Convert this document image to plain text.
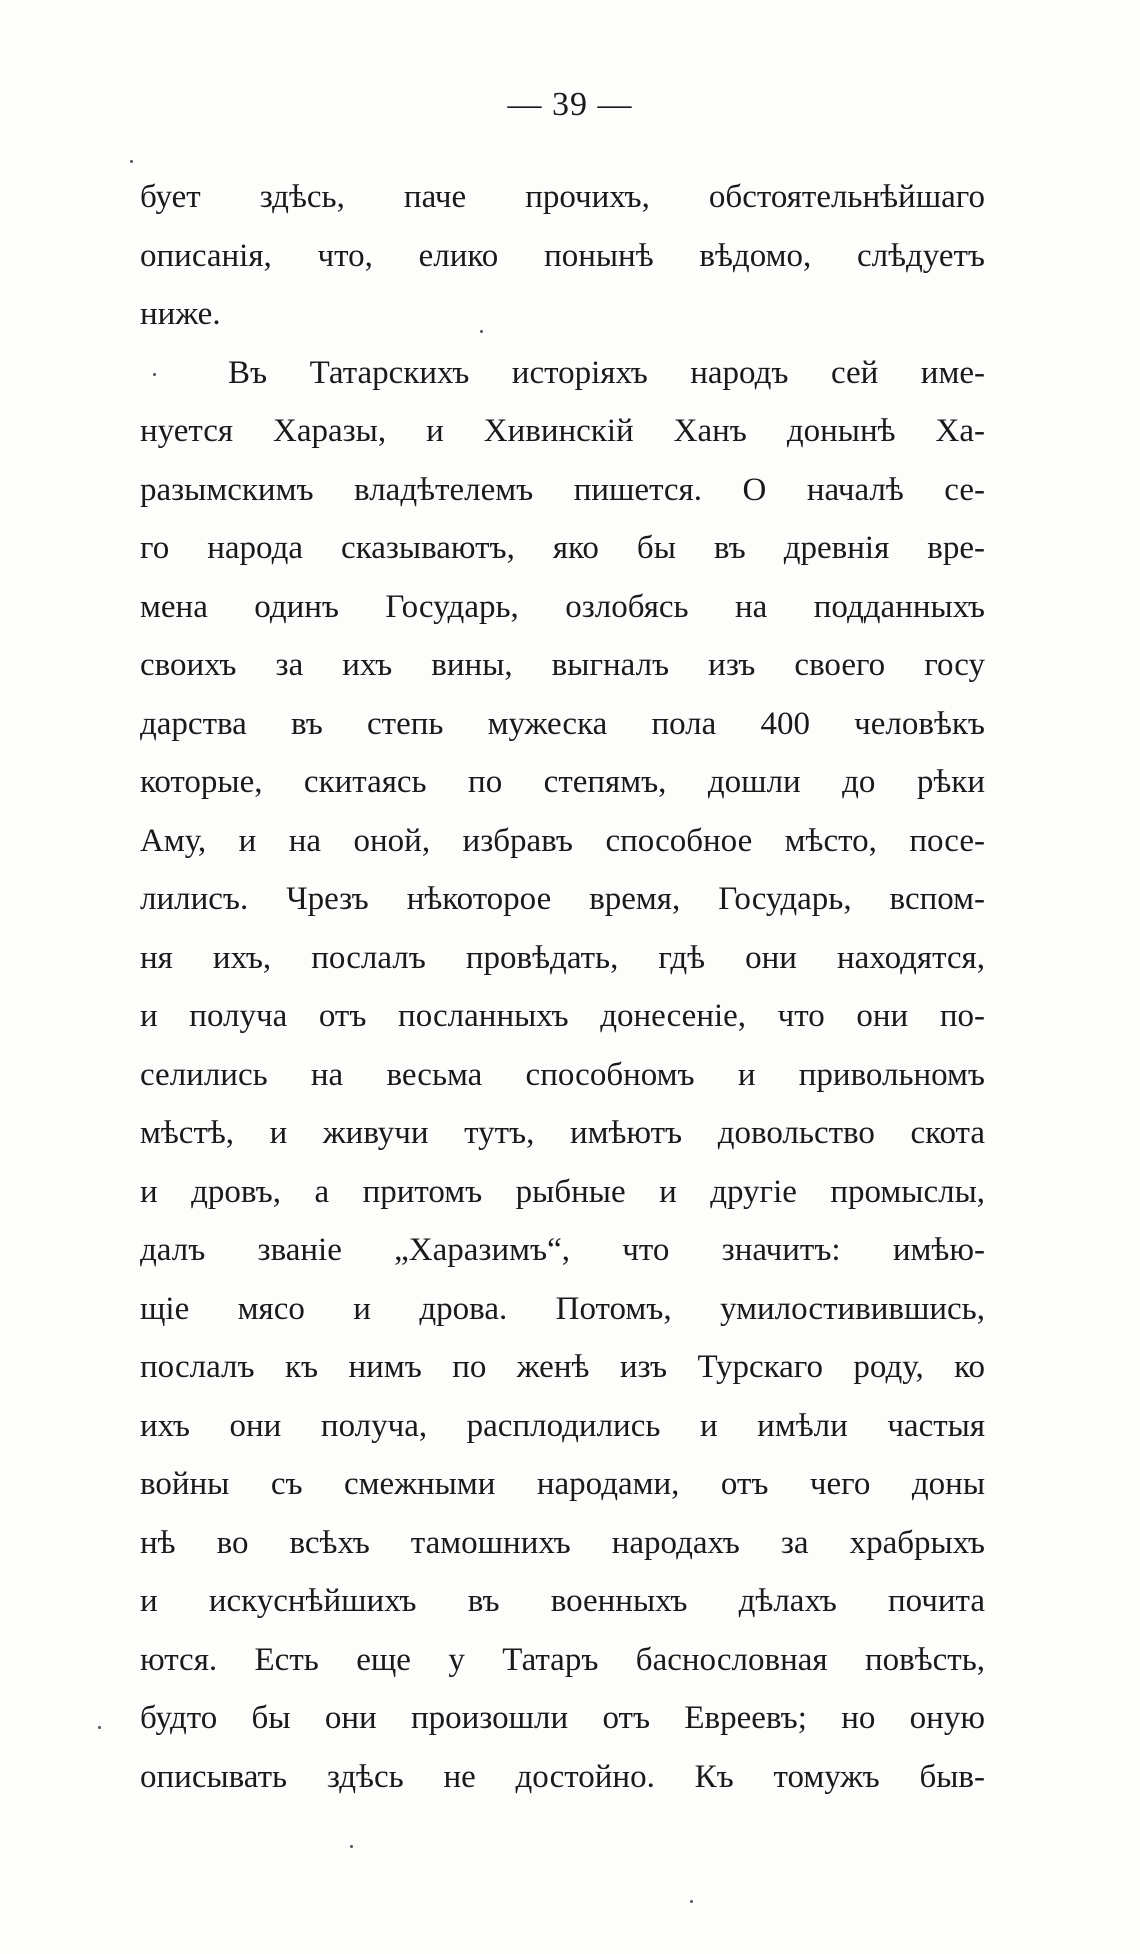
— 39 —
бует здѣсь, паче прочихъ, обстоятельнѣйшаго
описанія, что, елико понынѣ вѣдомо, слѣдуетъ
ниже.
Въ Татарскихъ исторіяхъ народъ сей име-
нуется Харазы, и Хивинскій Ханъ донынѣ Ха-
разымскимъ владѣтелемъ пишется. О началѣ се-
го народа сказываютъ, яко бы въ древнія вре-
мена одинъ Государь, озлобясь на подданныхъ
своихъ за ихъ вины, выгналъ изъ своего госу
дарства въ степь мужеска пола 400 человѣкъ
которые, скитаясь по степямъ, дошли до рѣки
Аму, и на оной, избравъ способное мѣсто, посе-
лилисъ. Чрезъ нѣкоторое время, Государь, вспом-
ня ихъ, послалъ провѣдать, гдѣ они находятся,
и получа отъ посланныхъ донесеніе, что они по-
селились на весьма способномъ и привольномъ
мѣстѣ, и живучи тутъ, имѣютъ довольство скота
и дровъ, а притомъ рыбные и другіе промыслы,
далъ званіе „Харазимъ“, что значитъ: имѣю-
щіе мясо и дрова. Потомъ, умилостивившись,
послалъ къ нимъ по женѣ изъ Турскаго роду, ко
ихъ они получа, расплодились и имѣли частыя
войны съ смежными народами, отъ чего доны
нѣ во всѣхъ тамошнихъ народахъ за храбрыхъ
и искуснѣйшихъ въ военныхъ дѣлахъ почита
ются. Есть еще у Татаръ баснословная повѣсть,
будто бы они произошли отъ Евреевъ; но оную
описывать здѣсь не достойно. Къ томужъ быв-
